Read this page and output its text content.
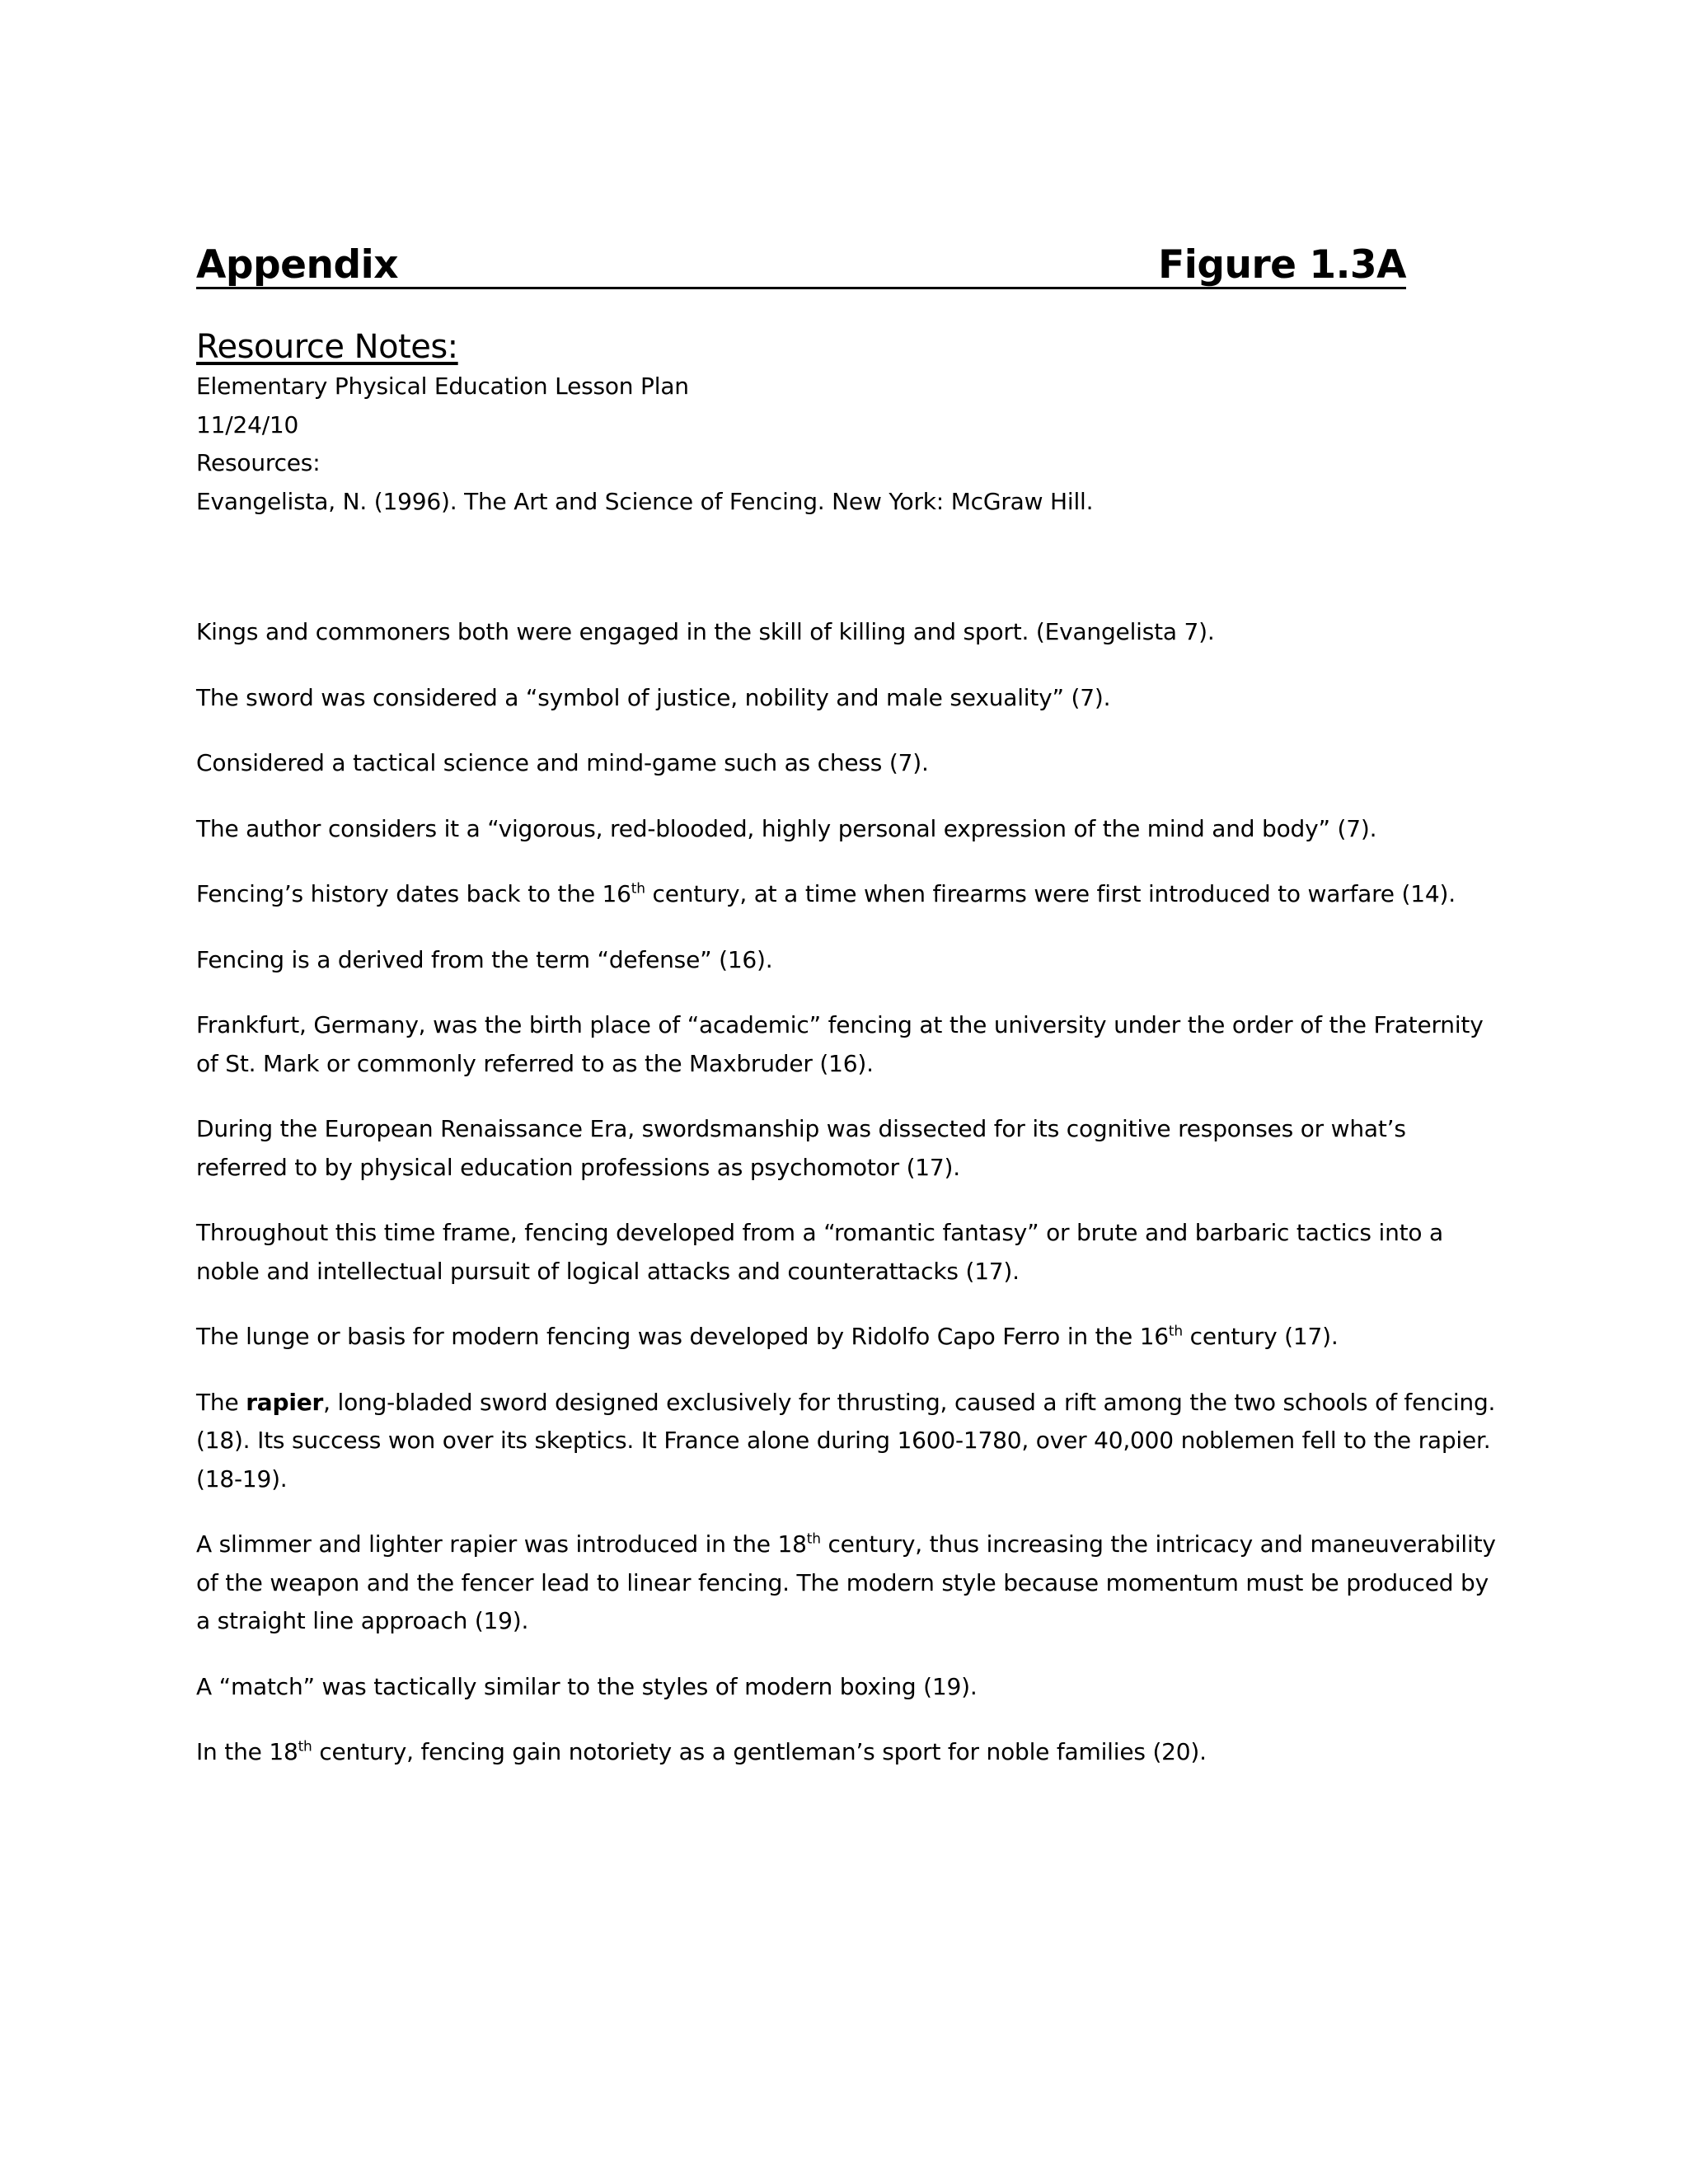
Appendix	Figure 1.3A
Resource Notes:

Elementary Physical Education Lesson Plan

11/24/10

Resources:

Evangelista, N. (1996). The Art and Science of Fencing. New York: McGraw Hill.

Kings and commoners both were engaged in the skill of killing and sport. (Evangelista 7).

The sword was considered a “symbol of justice, nobility and male sexuality” (7).

Considered a tactical science and mind-game such as chess (7).

The author considers it a “vigorous, red-blooded, highly personal expression of the mind and body” (7).

Fencing’s history dates back to the 16th century, at a time when firearms were first introduced to warfare (14).

Fencing is a derived from the term “defense” (16).

Frankfurt, Germany, was the birth place of “academic” fencing at the university under the order of the Fraternity of St. Mark or commonly referred to as the Maxbruder (16).

During the European Renaissance Era, swordsmanship was dissected for its cognitive responses or what’s referred to by physical education professions as psychomotor (17).

Throughout this time frame, fencing developed from a “romantic fantasy” or brute and barbaric tactics into a noble and intellectual pursuit of logical attacks and counterattacks (17).

The lunge or basis for modern fencing was developed by Ridolfo Capo Ferro in the 16th century (17).

The rapier, long-bladed sword designed exclusively for thrusting, caused a rift among the two schools of fencing. (18). Its success won over its skeptics. It France alone during 1600-1780, over 40,000 noblemen fell to the rapier. (18-19).

A slimmer and lighter rapier was introduced in the 18th century, thus increasing the intricacy and maneuverability of the weapon and the fencer lead to linear fencing. The modern style because momentum must be produced by a straight line approach (19).

A “match” was tactically similar to the styles of modern boxing (19).

In the 18th century, fencing gain notoriety as a gentleman’s sport for noble families (20).
